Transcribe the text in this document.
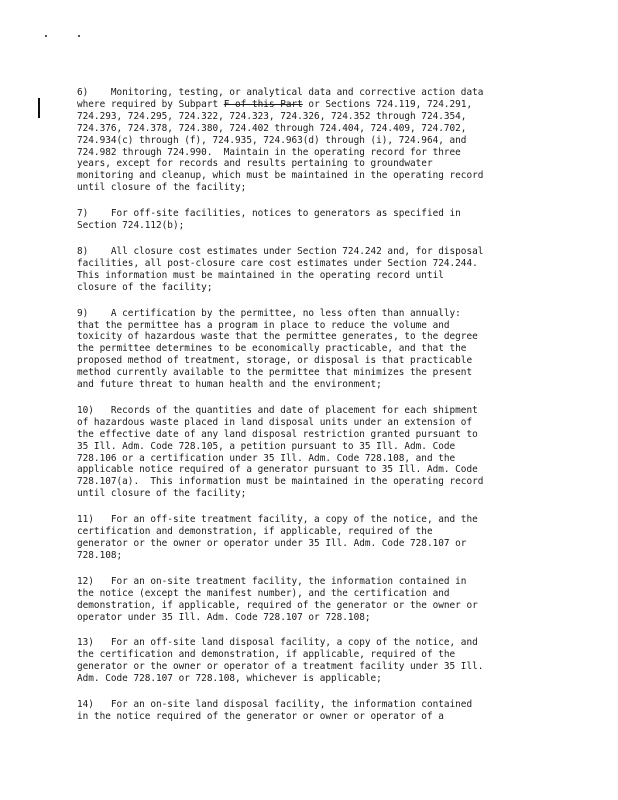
6)    Monitoring, testing, or analytical data and corrective action data
where required by Subpart F of this Part or Sections 724.119, 724.291,
724.293, 724.295, 724.322, 724.323, 724.326, 724.352 through 724.354,
724.376, 724.378, 724.380, 724.402 through 724.404, 724.409, 724.702,
724.934(c) through (f), 724.935, 724.963(d) through (i), 724.964, and
724.982 through 724.990.  Maintain in the operating record for three
years, except for records and results pertaining to groundwater
monitoring and cleanup, which must be maintained in the operating record
until closure of the facility;
7)    For off-site facilities, notices to generators as specified in
Section 724.112(b);
8)    All closure cost estimates under Section 724.242 and, for disposal
facilities, all post-closure care cost estimates under Section 724.244.
This information must be maintained in the operating record until
closure of the facility;
9)    A certification by the permittee, no less often than annually:
that the permittee has a program in place to reduce the volume and
toxicity of hazardous waste that the permittee generates, to the degree
the permittee determines to be economically practicable, and that the
proposed method of treatment, storage, or disposal is that practicable
method currently available to the permittee that minimizes the present
and future threat to human health and the environment;
10)   Records of the quantities and date of placement for each shipment
of hazardous waste placed in land disposal units under an extension of
the effective date of any land disposal restriction granted pursuant to
35 Ill. Adm. Code 728.105, a petition pursuant to 35 Ill. Adm. Code
728.106 or a certification under 35 Ill. Adm. Code 728.108, and the
applicable notice required of a generator pursuant to 35 Ill. Adm. Code
728.107(a).  This information must be maintained in the operating record
until closure of the facility;
11)   For an off-site treatment facility, a copy of the notice, and the
certification and demonstration, if applicable, required of the
generator or the owner or operator under 35 Ill. Adm. Code 728.107 or
728.108;
12)   For an on-site treatment facility, the information contained in
the notice (except the manifest number), and the certification and
demonstration, if applicable, required of the generator or the owner or
operator under 35 Ill. Adm. Code 728.107 or 728.108;
13)   For an off-site land disposal facility, a copy of the notice, and
the certification and demonstration, if applicable, required of the
generator or the owner or operator of a treatment facility under 35 Ill.
Adm. Code 728.107 or 728.108, whichever is applicable;
14)   For an on-site land disposal facility, the information contained
in the notice required of the generator or owner or operator of a
